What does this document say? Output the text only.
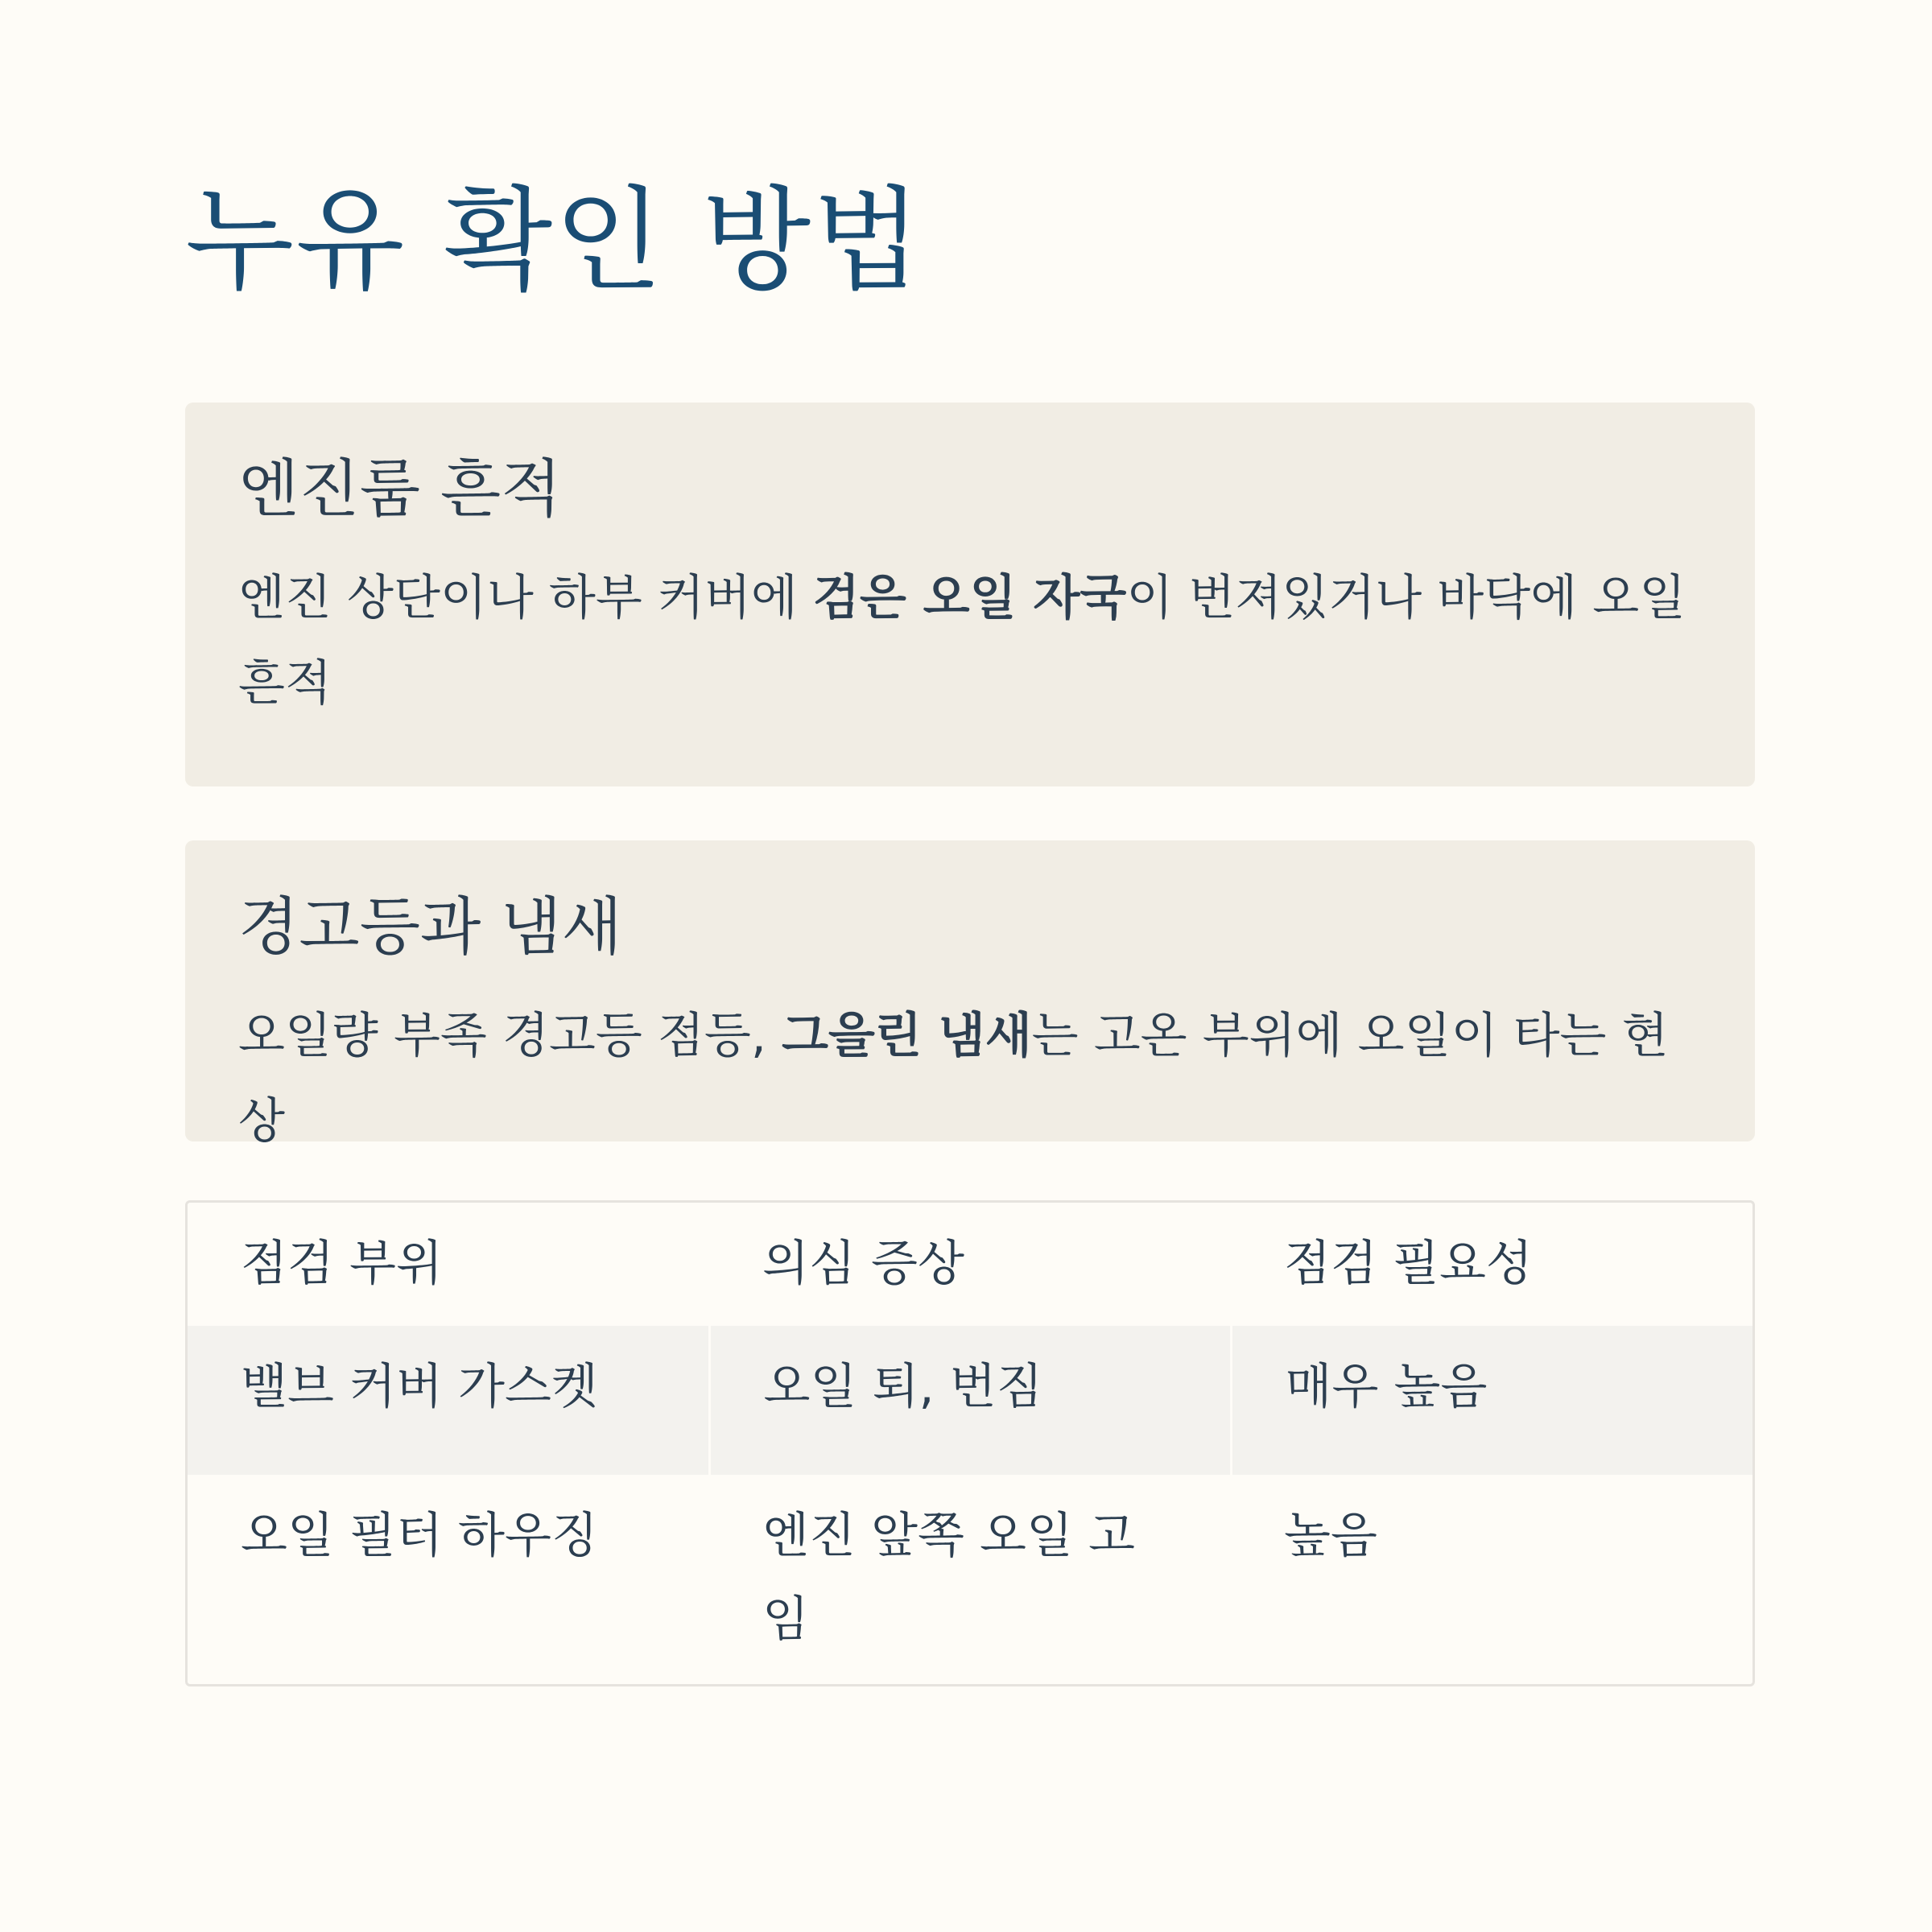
누유 확인 방법
엔진룸 흔적

엔진 상단이나 하부 커버에 검은 오일 자국이 번져있거나 바닥에 오일 흔적

경고등과 냄새

오일량 부족 경고등 점등, 그을린 냄새는 고온 부위에 오일이 타는 현상

점검 부위	의심 증상	점검 필요성
밸브 커버 가스켓	오일 퇴, 번짐	매우 높음
오일 필터 하우징	엔진 앞쪽 오일 고임	높음
